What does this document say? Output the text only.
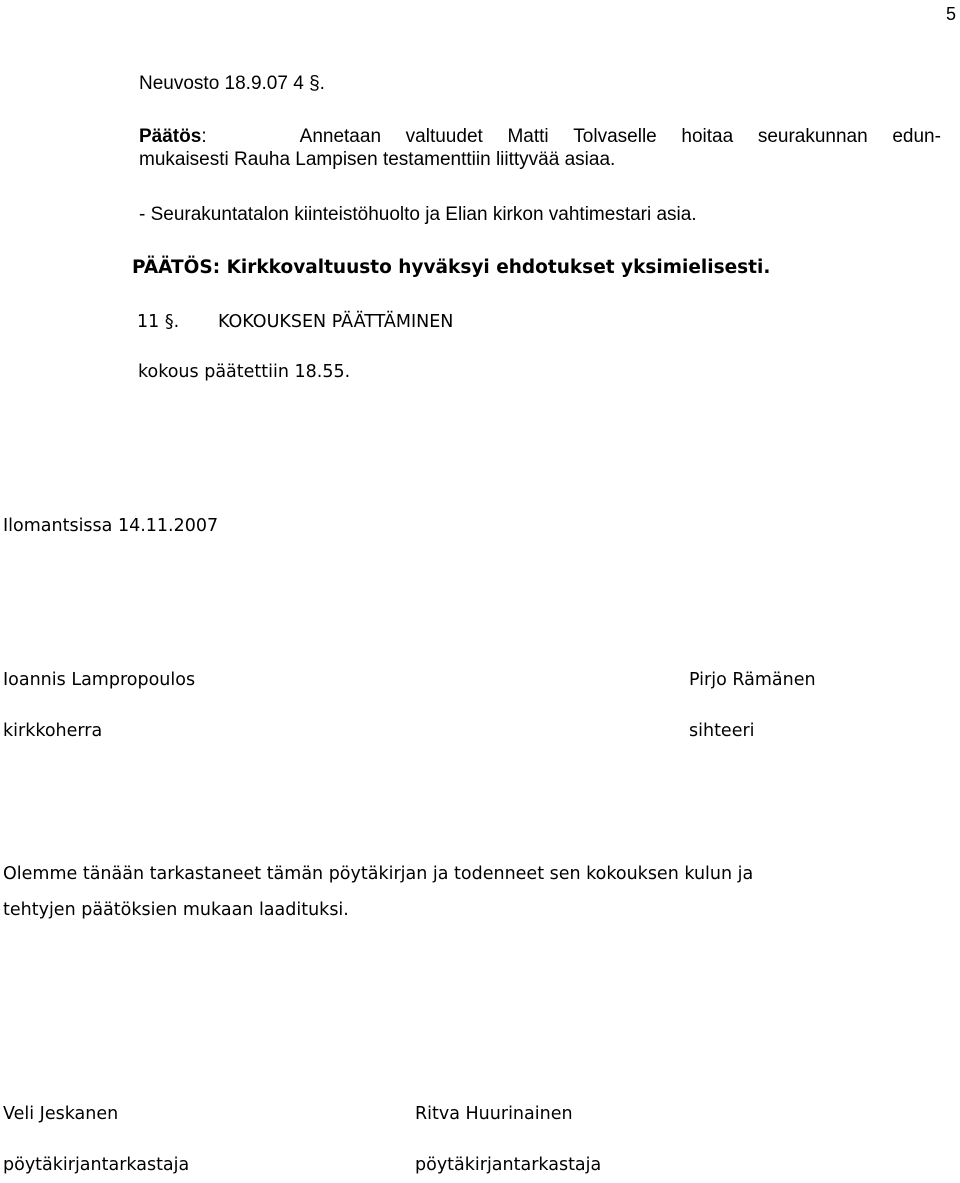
5

Neuvosto 18.9.07 4 §.

Päätös:	Annetaan valtuudet Matti Tolvaselle hoitaa seurakunnan edun-
mukaisesti Rauha Lampisen testamenttiin liittyvää asiaa.

- Seurakuntatalon kiinteistöhuolto ja Elian kirkon vahtimestari asia.

PÄÄTÖS: Kirkkovaltuusto hyväksyi ehdotukset yksimielisesti.

11 §. KOKOUKSEN PÄÄTTÄMINEN

kokous päätettiin 18.55.

Ilomantsissa 14.11.2007

Ioannis Lampropoulos

kirkkoherra

Pirjo Rämänen

sihteeri

Olemme tänään tarkastaneet tämän pöytäkirjan ja todenneet sen kokouksen kulun ja
tehtyjen päätöksien mukaan laadituksi.

Veli Jeskanen

pöytäkirjantarkastaja

Ritva Huurinainen

pöytäkirjantarkastaja
